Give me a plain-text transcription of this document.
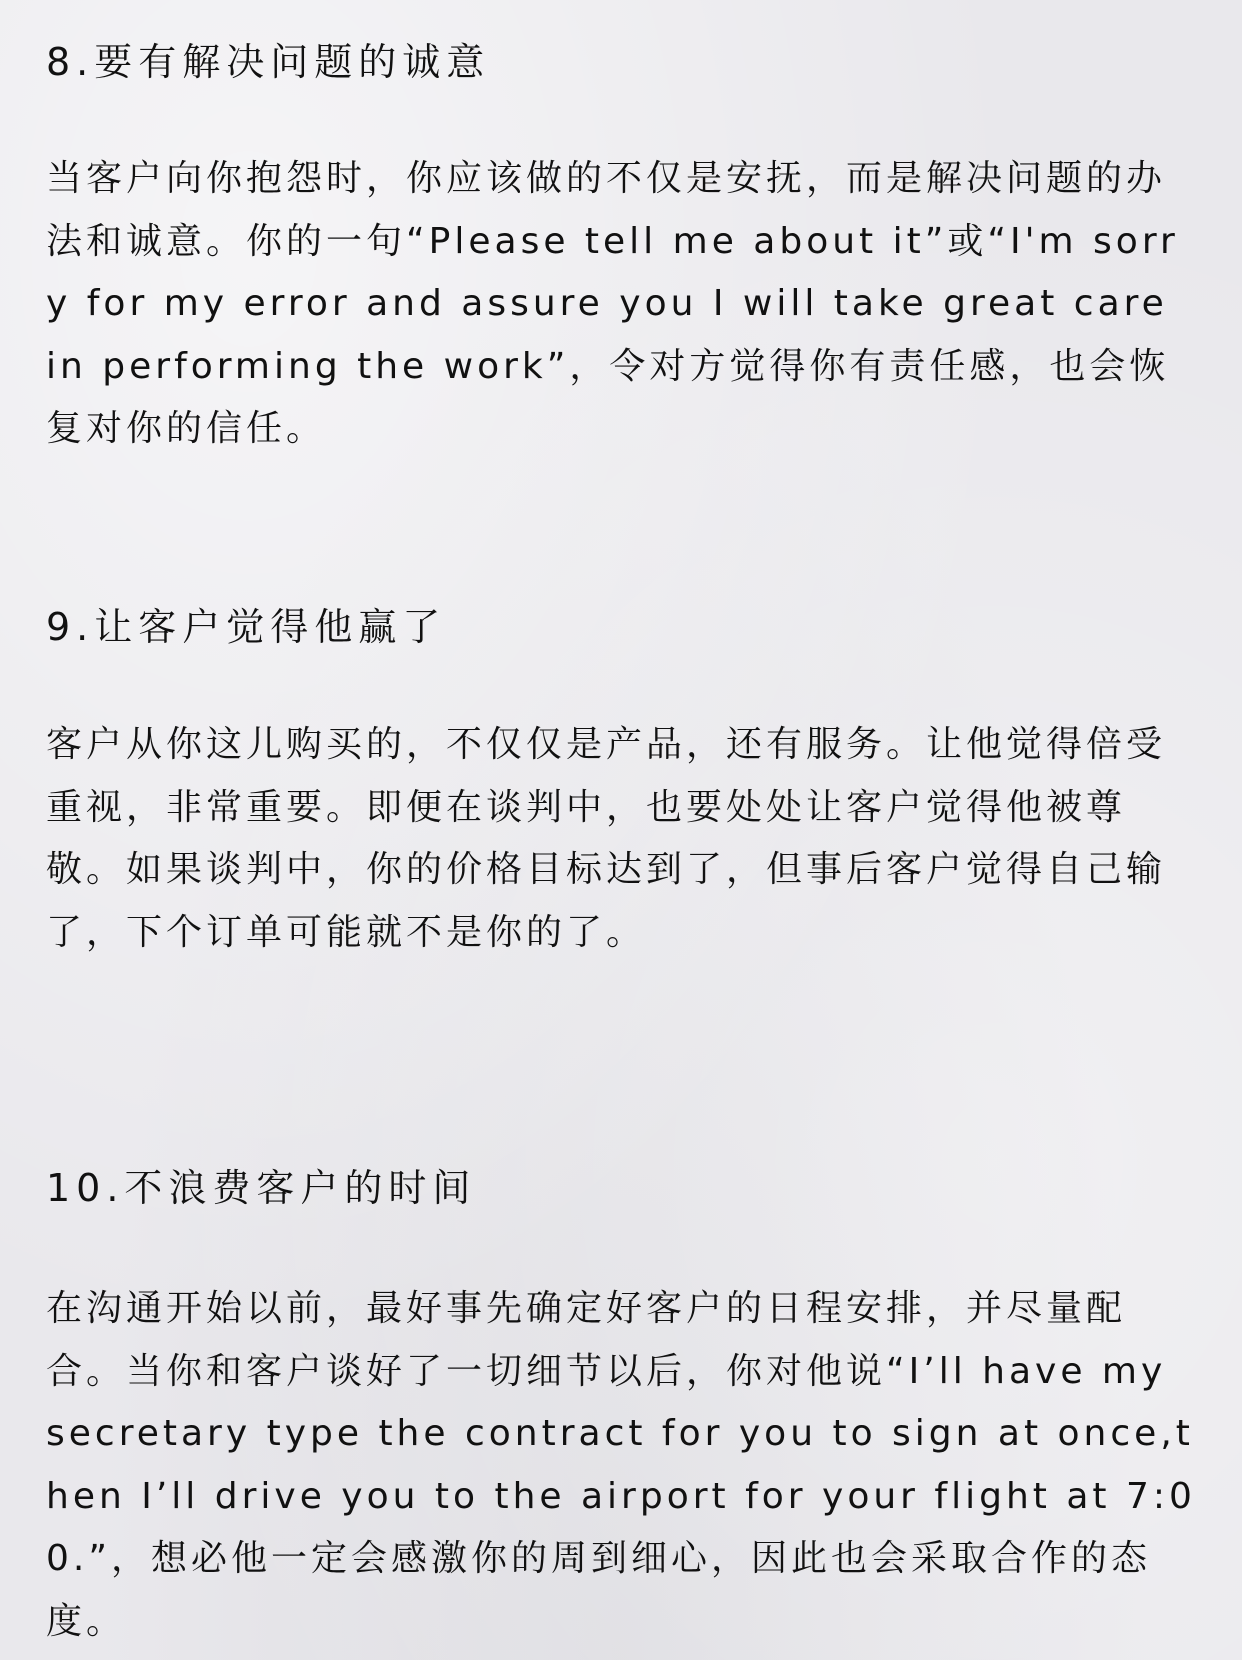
8.要有解决问题的诚意

当客户向你抱怨时，你应该做的不仅是安抚，而是解决问题的办法和诚意。你的一句“Please tell me about it”或“I'm sorry for my error and assure you I will take great care in performing the work”，令对方觉得你有责任感，也会恢复对你的信任。

9.让客户觉得他赢了

客户从你这儿购买的，不仅仅是产品，还有服务。让他觉得倍受重视，非常重要。即便在谈判中，也要处处让客户觉得他被尊敬。如果谈判中，你的价格目标达到了，但事后客户觉得自己输了，下个订单可能就不是你的了。

10.不浪费客户的时间

在沟通开始以前，最好事先确定好客户的日程安排，并尽量配合。当你和客户谈好了一切细节以后，你对他说“I’ll have my secretary type the contract for you to sign at once,then I’ll drive you to the airport for your flight at 7:00.”，想必他一定会感激你的周到细心，因此也会采取合作的态度。
